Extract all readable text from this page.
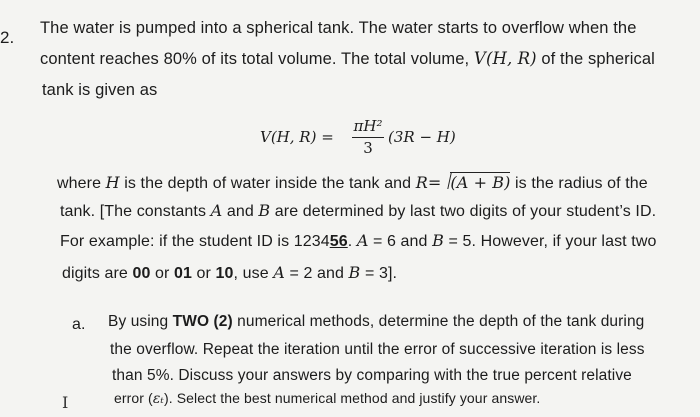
2. The water is pumped into a spherical tank. The water starts to overflow when the
content reaches 80% of its total volume. The total volume, V(H, R) of the spherical
tank is given as
V(H, R) =
πH²
3
(3R − H)
where H is the depth of water inside the tank and R= (A + B) is the radius of the
tank. [The constants A and B are determined by last two digits of your student’s ID.
For example: if the student ID is 123456. A = 6 and B = 5. However, if your last two
digits are 00 or 01 or 10, use A = 2 and B = 3].
a. By using TWO (2) numerical methods, determine the depth of the tank during
the overflow. Repeat the iteration until the error of successive iteration is less
than 5%. Discuss your answers by comparing with the true percent relative
error (εₜ). Select the best numerical method and justify your answer.
I
